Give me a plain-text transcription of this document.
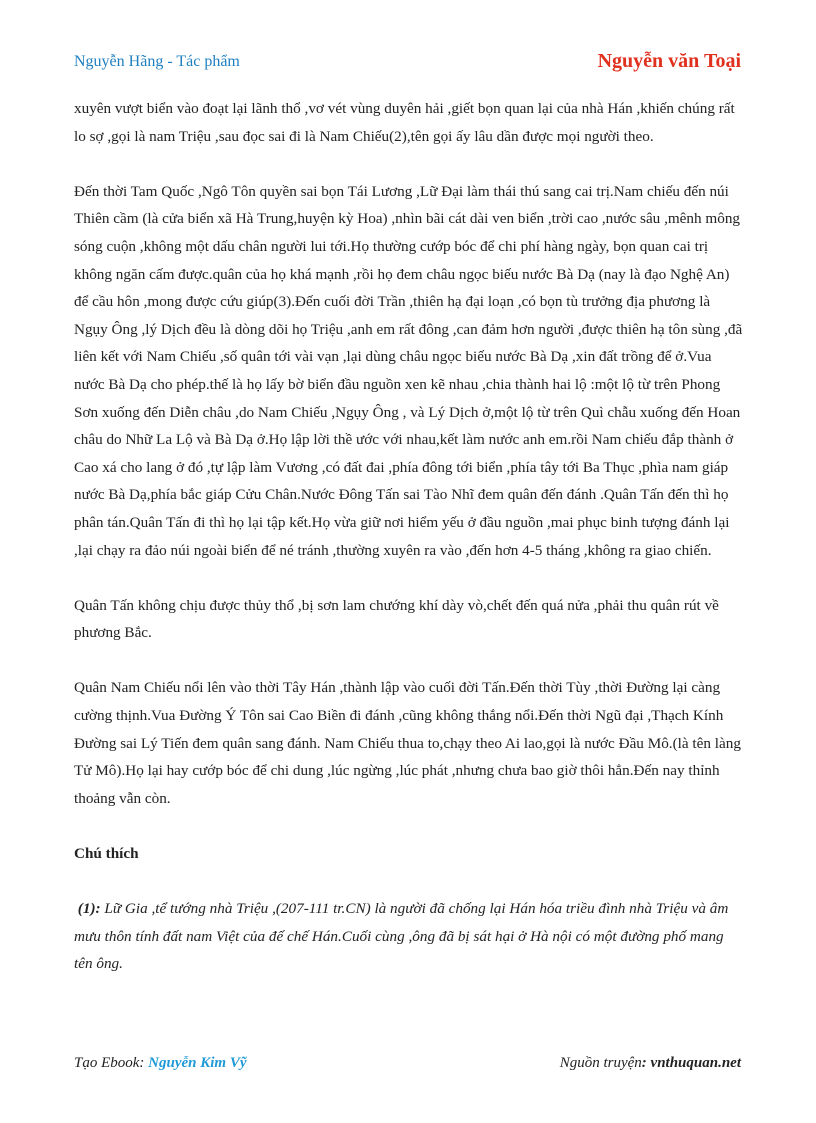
Nguyễn Hãng - Tác phẩm	Nguyễn văn Toại

xuyên vượt biển vào đoạt lại lãnh thổ ,vơ vét vùng duyên hải ,giết bọn quan lại của nhà Hán ,khiến chúng rất lo sợ ,gọi là nam Triệu ,sau đọc sai đi là Nam Chiếu(2),tên gọi ấy lâu dần được mọi người theo.

Đến thời Tam Quốc ,Ngô Tôn quyền sai bọn Tái Lương ,Lữ Đại làm thái thú sang cai trị.Nam chiếu đến núi Thiên cầm (là cửa biển xã Hà Trung,huyện kỳ Hoa) ,nhìn bãi cát dài ven biển ,trời cao ,nước sâu ,mênh mông sóng cuộn ,không một dấu chân người lui tới.Họ thường cướp bóc để chi phí hàng ngày, bọn quan cai trị không ngăn cấm được.quân của họ khá mạnh ,rồi họ đem châu ngọc biếu nước Bà Dạ (nay là đạo Nghệ An) để cầu hôn ,mong được cứu giúp(3).Đến cuối đời Trần ,thiên hạ đại loạn ,có bọn tù trưởng địa phương là Ngụy Ông ,lý Dịch đều là dòng dõi họ Triệu ,anh em rất đông ,can đảm hơn người ,được thiên hạ tôn sùng ,đã liên kết với Nam Chiếu ,số quân tới vài vạn ,lại dùng châu ngọc biếu nước Bà Dạ ,xin đất trồng để ở.Vua nước Bà Dạ cho phép.thế là họ lấy bờ biển đầu nguồn xen kẽ nhau ,chia thành hai lộ :một lộ từ trên Phong Sơn xuống đến Diễn châu ,do Nam Chiếu ,Ngụy Ông , và Lý Dịch ở,một lộ từ trên Quì chẫu xuống đến Hoan châu do Nhữ La Lộ và Bà Dạ ở.Họ lập lời thề ước với nhau,kết làm nước anh em.rồi Nam chiếu đắp thành ở Cao xá cho lang ở đó ,tự lập làm Vương ,có đất đai ,phía đông tới biển ,phía tây tới Ba Thục ,phìa nam giáp nước Bà Dạ,phía bắc giáp Cửu Chân.Nước Đông Tấn sai Tào Nhĩ đem quân đến đánh .Quân Tấn đến thì họ phân tán.Quân Tấn đi thì họ lại tập kết.Họ vừa giữ nơi hiểm yếu ở đầu nguồn ,mai phục binh tượng đánh lại ,lại chạy ra đảo núi ngoài biển để né tránh ,thường xuyên ra vào ,đến hơn 4-5 tháng ,không ra giao chiến.

Quân Tấn không chịu được thủy thổ ,bị sơn lam chướng khí dày vò,chết đến quá nửa ,phải thu quân rút về phương Bắc.

Quân Nam Chiếu nổi lên vào thời Tây Hán ,thành lập vào cuối đời Tấn.Đến thời Tùy ,thời Đường lại càng cường thịnh.Vua Đường Ý Tôn sai Cao Biền đi đánh ,cũng không thắng nổi.Đến thời Ngũ đại ,Thạch Kính Đường sai Lý Tiến đem quân sang đánh. Nam Chiếu thua to,chạy theo Ai lao,gọi là nước Đầu Mô.(là tên làng Tử Mô).Họ lại hay cướp bóc để chi dung ,lúc ngừng ,lúc phát ,nhưng chưa bao giờ thôi hẳn.Đến nay thỉnh thoảng vẫn còn.

Chú thích

(1): Lữ Gia ,tể tướng nhà Triệu ,(207-111 tr.CN) là người đã chống lại Hán hóa triều đình nhà Triệu và âm mưu thôn tính đất nam Việt của đế chế Hán.Cuối cùng ,ông đã bị sát hại ở Hà nội có một đường phố mang tên ông.

Tạo Ebook: Nguyễn Kim Vỹ	Nguồn truyện: vnthuquan.net
